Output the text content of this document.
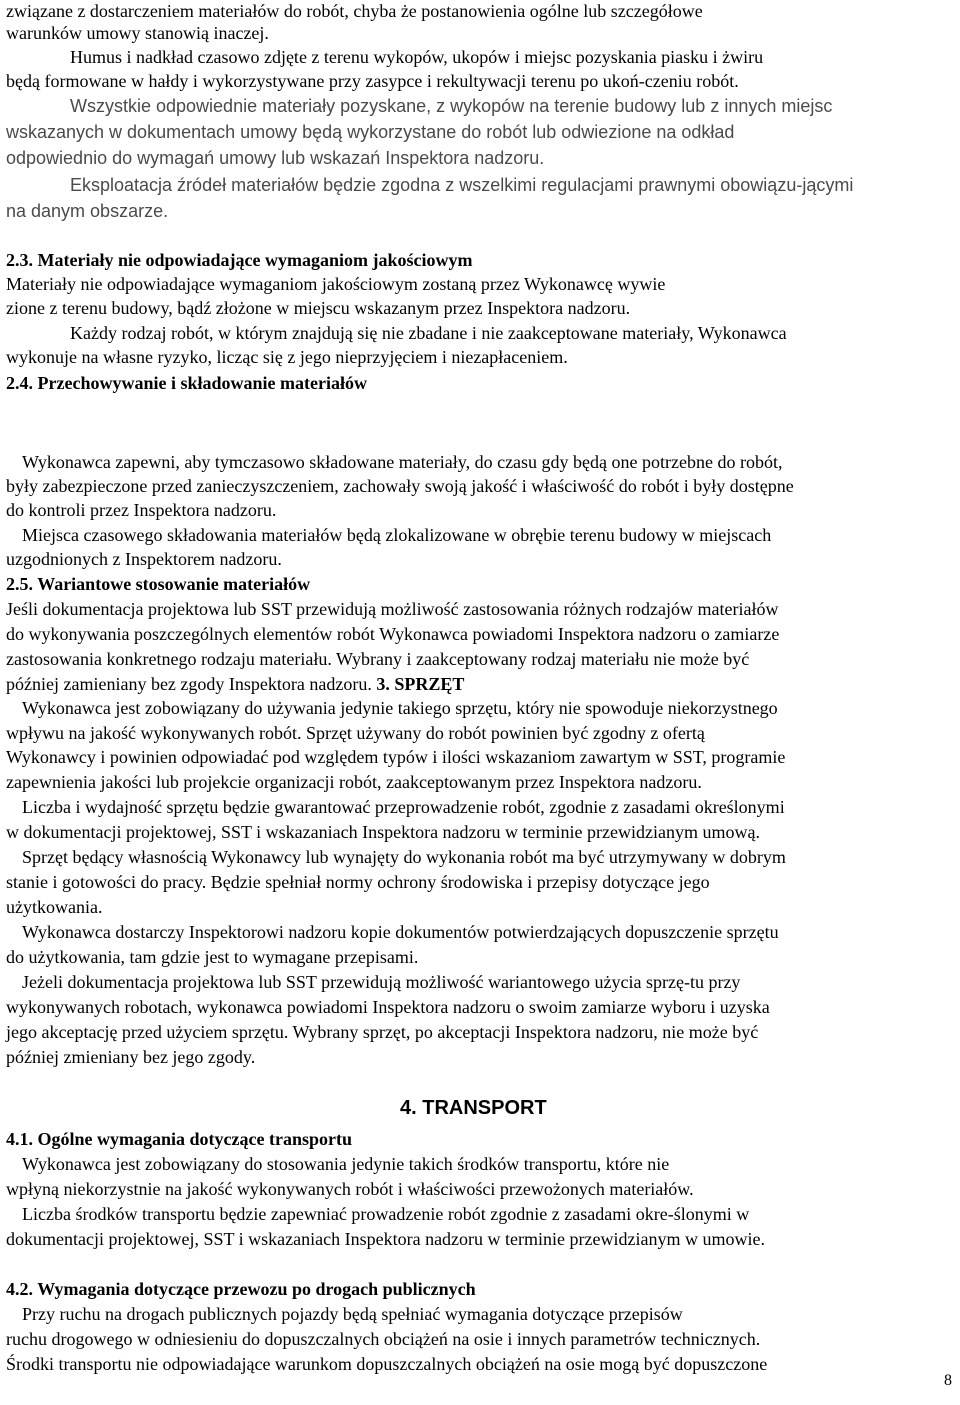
związane z dostarczeniem materiałów do robót, chyba że postanowienia ogólne lub szczegółowe
warunków umowy stanowią inaczej.
Humus i nadkład czasowo zdjęte z terenu wykopów, ukopów i miejsc pozyskania piasku i żwiru
będą formowane w hałdy i wykorzystywane przy zasypce i rekultywacji terenu po ukoń-czeniu robót.
Wszystkie odpowiednie materiały pozyskane, z wykopów na terenie budowy lub z innych miejsc
wskazanych w dokumentach umowy będą wykorzystane do robót lub odwiezione na odkład
odpowiednio do wymagań umowy lub wskazań Inspektora nadzoru.
Eksploatacja źródeł materiałów będzie zgodna z wszelkimi regulacjami prawnymi obowiązu-jącymi
na danym obszarze.
2.3. Materiały nie odpowiadające wymaganiom jakościowym
Materiały nie odpowiadające wymaganiom jakościowym zostaną przez Wykonawcę wywie
zione z terenu budowy, bądź złożone w miejscu wskazanym przez Inspektora nadzoru.
Każdy rodzaj robót, w którym znajdują się nie zbadane i nie zaakceptowane materiały, Wykonawca
wykonuje na własne ryzyko, licząc się z jego nieprzyjęciem i niezapłaceniem.
2.4. Przechowywanie i składowanie materiałów
Wykonawca zapewni, aby tymczasowo składowane materiały, do czasu gdy będą one potrzebne do robót,
były zabezpieczone przed zanieczyszczeniem, zachowały swoją jakość i właściwość do robót i były dostępne
do kontroli przez Inspektora nadzoru.
Miejsca czasowego składowania materiałów będą zlokalizowane w obrębie terenu budowy w miejscach
uzgodnionych z Inspektorem nadzoru.
2.5. Wariantowe stosowanie materiałów
Jeśli dokumentacja projektowa lub SST przewidują możliwość zastosowania różnych rodzajów materiałów
do wykonywania poszczególnych elementów robót Wykonawca powiadomi Inspektora nadzoru o zamiarze
zastosowania konkretnego rodzaju materiału. Wybrany i zaakceptowany rodzaj materiału nie może być
później zamieniany bez zgody Inspektora nadzoru. 3. SPRZĘT
Wykonawca jest zobowiązany do używania jedynie takiego sprzętu, który nie spowoduje niekorzystnego
wpływu na jakość wykonywanych robót. Sprzęt używany do robót powinien być zgodny z ofertą
Wykonawcy i powinien odpowiadać pod względem typów i ilości wskazaniom zawartym w SST, programie
zapewnienia jakości lub projekcie organizacji robót, zaakceptowanym przez Inspektora nadzoru.
Liczba i wydajność sprzętu będzie gwarantować przeprowadzenie robót, zgodnie z zasadami określonymi
w dokumentacji projektowej, SST i wskazaniach Inspektora nadzoru w terminie przewidzianym umową.
Sprzęt będący własnością Wykonawcy lub wynajęty do wykonania robót ma być utrzymywany w dobrym
stanie i gotowości do pracy. Będzie spełniał normy ochrony środowiska i przepisy dotyczące jego
użytkowania.
Wykonawca dostarczy Inspektorowi nadzoru kopie dokumentów potwierdzających dopuszczenie sprzętu
do użytkowania, tam gdzie jest to wymagane przepisami.
Jeżeli dokumentacja projektowa lub SST przewidują możliwość wariantowego użycia sprzę-tu przy
wykonywanych robotach, wykonawca powiadomi Inspektora nadzoru o swoim zamiarze wyboru i uzyska
jego akceptację przed użyciem sprzętu. Wybrany sprzęt, po akceptacji Inspektora nadzoru, nie może być
później zmieniany bez jego zgody.
4. TRANSPORT
4.1. Ogólne wymagania dotyczące transportu
Wykonawca jest zobowiązany do stosowania jedynie takich środków transportu, które nie
wpłyną niekorzystnie na jakość wykonywanych robót i właściwości przewożonych materiałów.
Liczba środków transportu będzie zapewniać prowadzenie robót zgodnie z zasadami okre-ślonymi w
dokumentacji projektowej, SST i wskazaniach Inspektora nadzoru w terminie przewidzianym w umowie.
4.2. Wymagania dotyczące przewozu po drogach publicznych
Przy ruchu na drogach publicznych pojazdy będą spełniać wymagania dotyczące przepisów
ruchu drogowego w odniesieniu do dopuszczalnych obciążeń na osie i innych parametrów technicznych.
Środki transportu nie odpowiadające warunkom dopuszczalnych obciążeń na osie mogą być dopuszczone
8
